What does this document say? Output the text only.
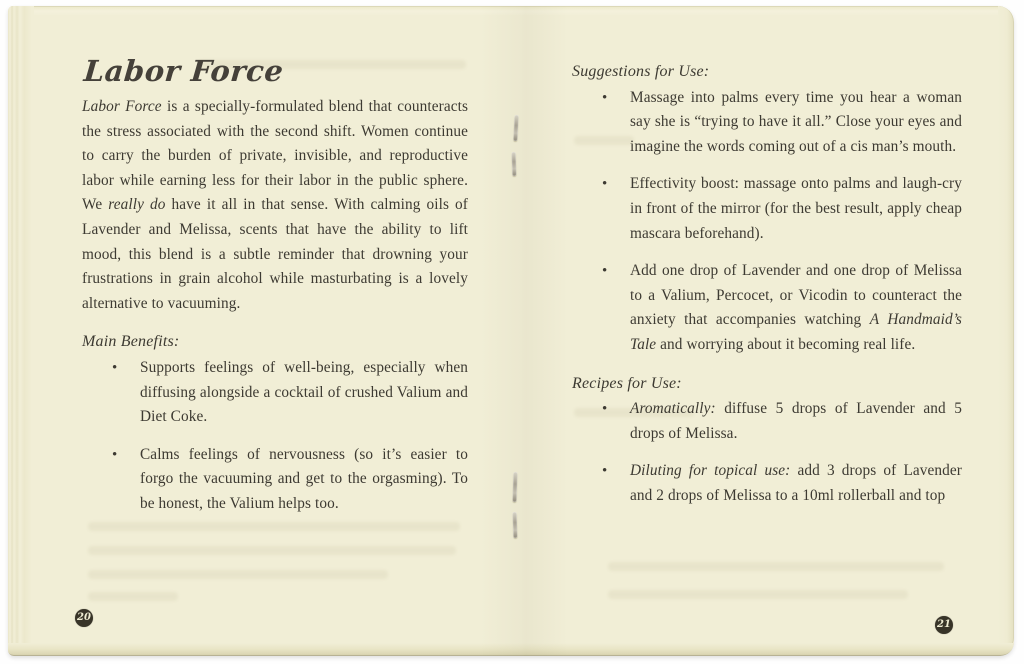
Labor Force

Labor Force is a specially-formulated blend that counteracts the stress associated with the second shift. Women continue to carry the burden of private, invisible, and reproductive labor while earning less for their labor in the public sphere. We really do have it all in that sense. With calming oils of Lavender and Melissa, scents that have the ability to lift mood, this blend is a subtle reminder that drowning your frustrations in grain alcohol while masturbating is a lovely alternative to vacuuming.

Main Benefits:
• Supports feelings of well-being, especially when diffusing alongside a cocktail of crushed Valium and Diet Coke.
• Calms feelings of nervousness (so it’s easier to forgo the vacuuming and get to the orgasming). To be honest, the Valium helps too.
Suggestions for Use:
• Massage into palms every time you hear a woman say she is “trying to have it all.” Close your eyes and imagine the words coming out of a cis man’s mouth.
• Effectivity boost: massage onto palms and laugh-cry in front of the mirror (for the best result, apply cheap mascara beforehand).
• Add one drop of Lavender and one drop of Melissa to a Valium, Percocet, or Vicodin to counteract the anxiety that accompanies watching A Handmaid’s Tale and worrying about it becoming real life.
Recipes for Use:
• Aromatically: diffuse 5 drops of Lavender and 5 drops of Melissa.
• Diluting for topical use: add 3 drops of Lavender and 2 drops of Melissa to a 10ml rollerball and top
20
21
